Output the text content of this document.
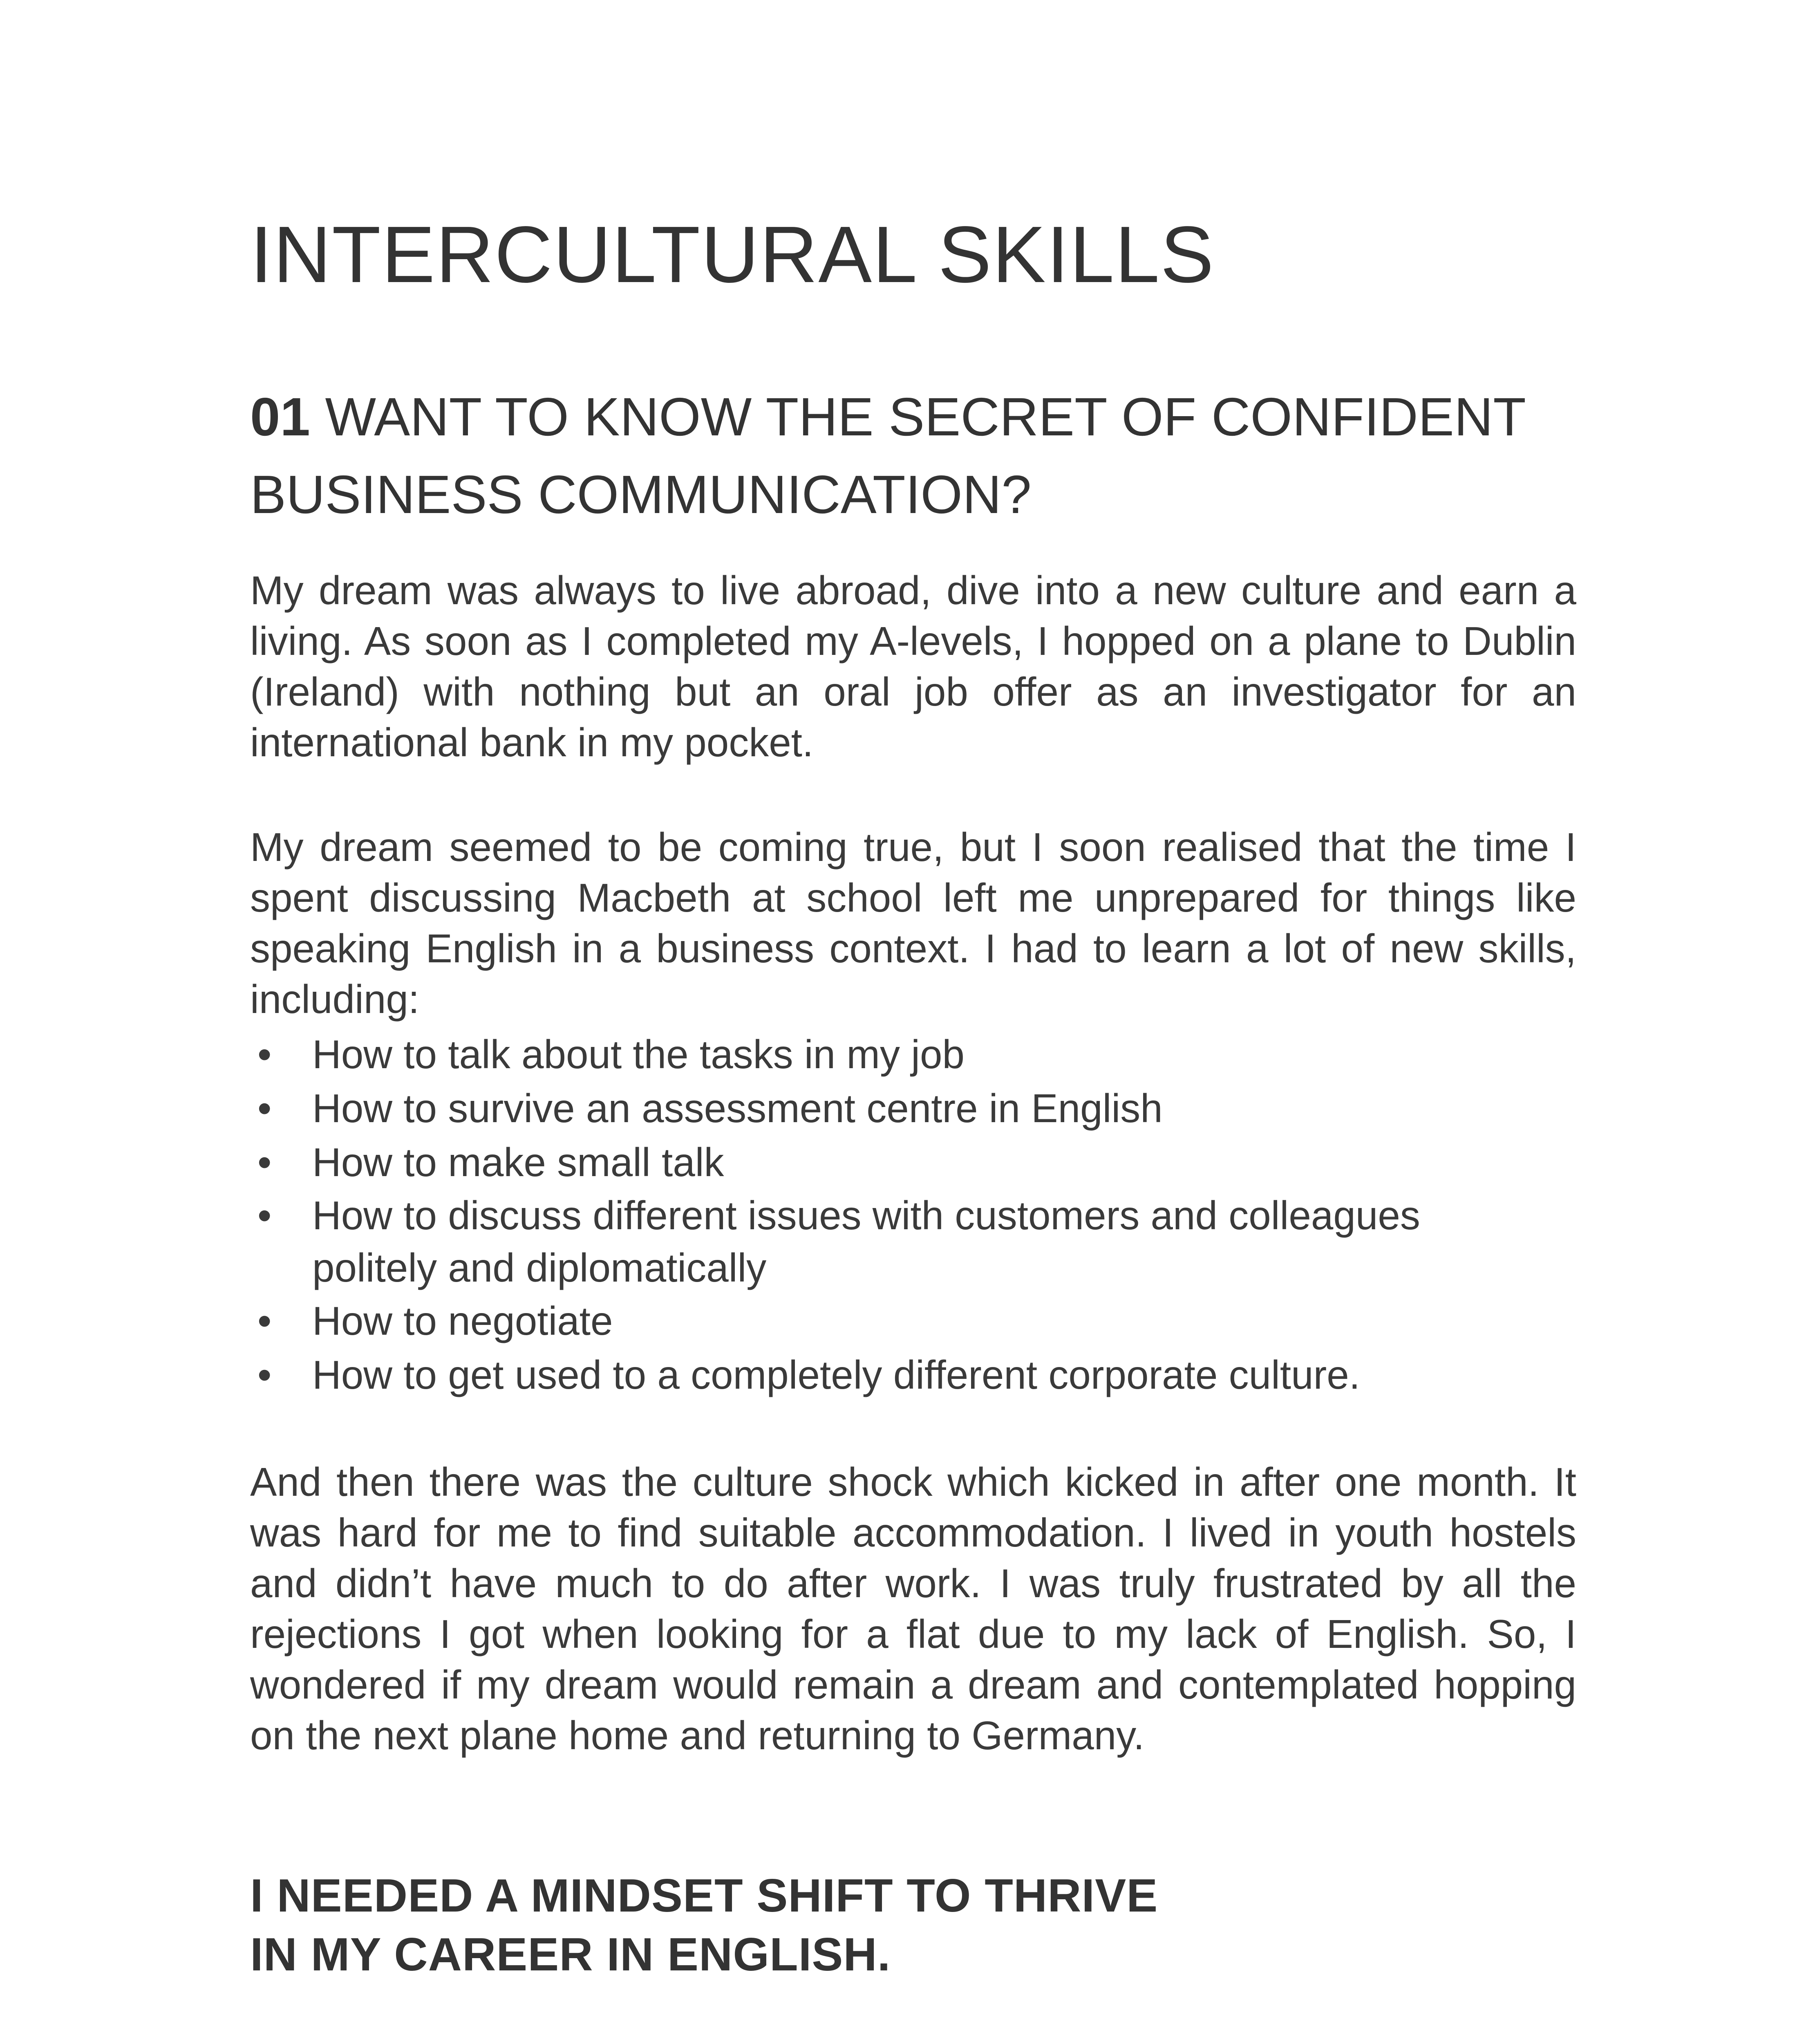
INTERCULTURAL SKILLS
01 WANT TO KNOW THE SECRET OF CONFIDENT
BUSINESS COMMUNICATION?

My dream was always to live abroad, dive into a new culture and earn a living. As soon as I completed my A-levels, I hopped on a plane to Dublin (Ireland) with nothing but an oral job offer as an investigator for an international bank in my pocket.

My dream seemed to be coming true, but I soon realised that the time I spent discussing Macbeth at school left me unprepared for things like speaking English in a business context. I had to learn a lot of new skills, including:

• How to talk about the tasks in my job
• How to survive an assessment centre in English
• How to make small talk
• How to discuss different issues with customers and colleagues politely and diplomatically
• How to negotiate
• How to get used to a completely different corporate culture.

And then there was the culture shock which kicked in after one month. It was hard for me to find suitable accommodation. I lived in youth hostels and didn’t have much to do after work. I was truly frustrated by all the rejections I got when looking for a flat due to my lack of English. So, I wondered if my dream would remain a dream and contemplated hopping on the next plane home and returning to Germany.

I NEEDED A MINDSET SHIFT TO THRIVE
IN MY CAREER IN ENGLISH.
